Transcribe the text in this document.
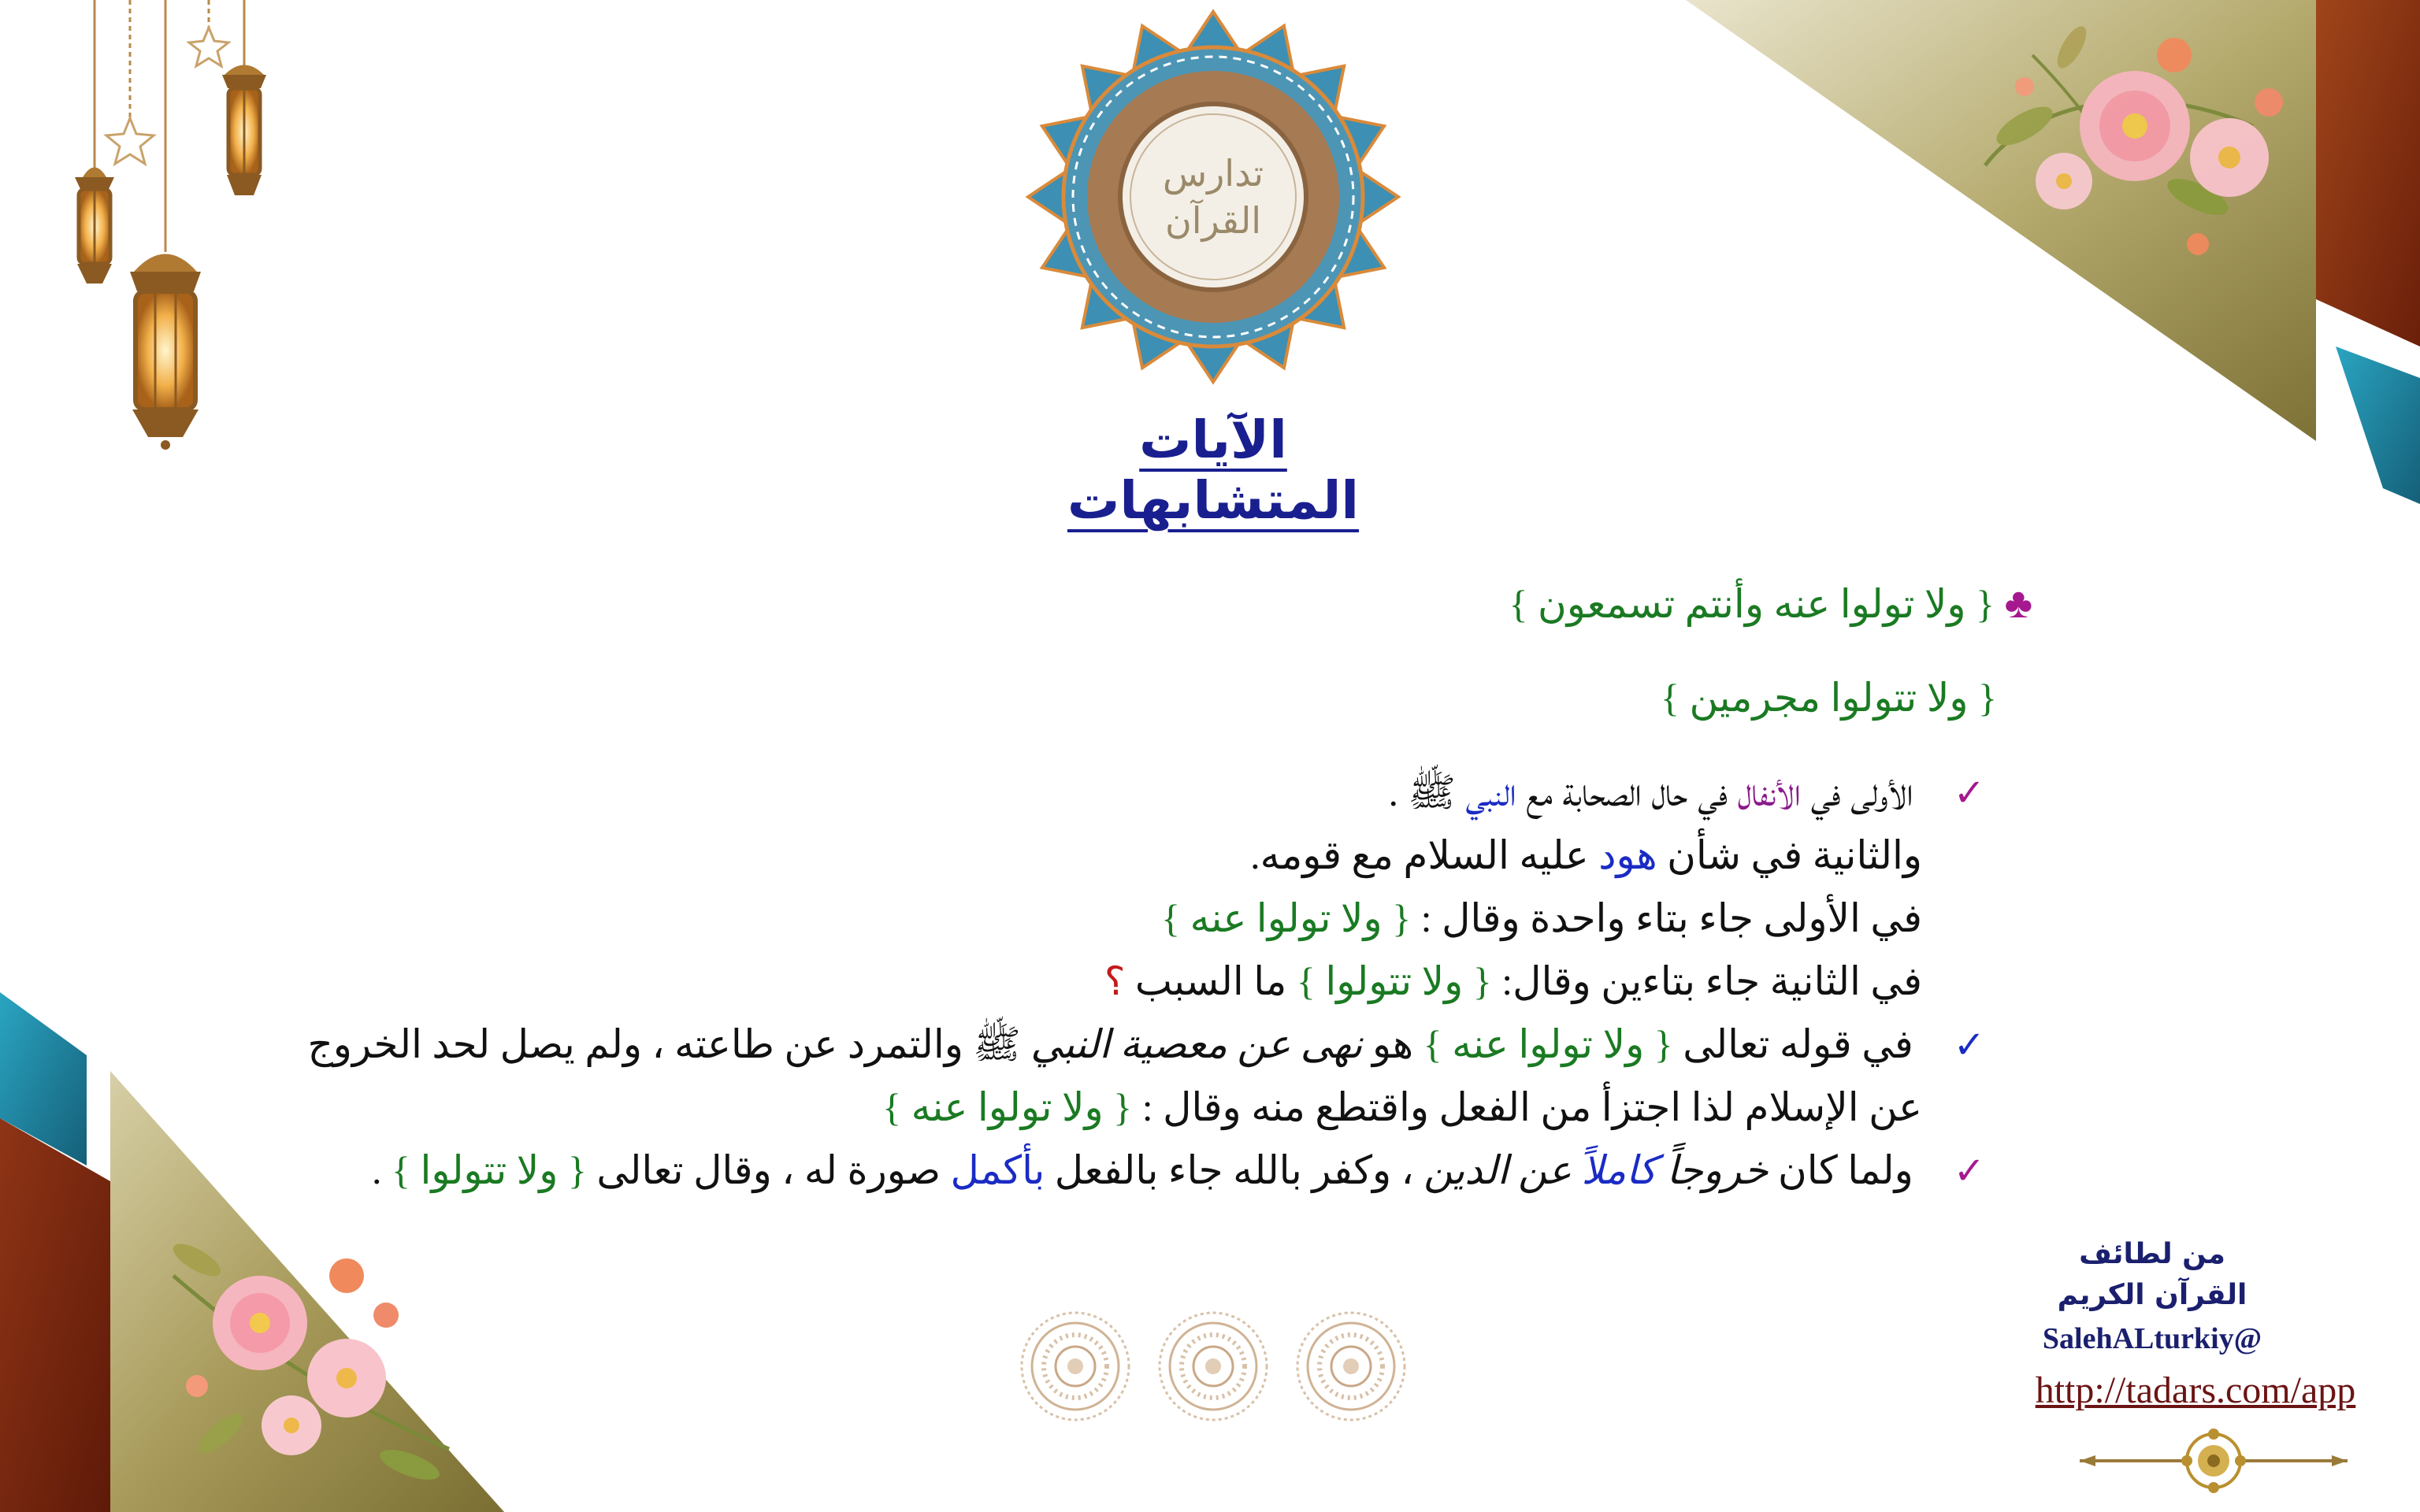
تدارس القرآن
الآيات المتشابهات
♣ { ولا تولوا عنه وأنتم تسمعون }
{ ولا تتولوا مجرمين }
✓  الأولى في الأنفال في حال الصحابة مع النبي ﷺ .
والثانية في شأن هود عليه السلام مع قومه.
في الأولى جاء بتاء واحدة وقال : { ولا تولوا عنه }
في الثانية جاء بتاءين وقال: { ولا تتولوا } ما السبب ؟
✓  في قوله تعالى { ولا تولوا عنه } هو نهى عن معصية النبي ﷺ والتمرد عن طاعته ، ولم يصل لحد الخروج
عن الإسلام لذا اجتزأ من الفعل واقتطع منه وقال : { ولا تولوا عنه }
✓  ولما كان خروجاً كاملاً عن الدين ، وكفر بالله جاء بالفعل بأكمل صورة له ، وقال تعالى { ولا تتولوا } .
من لطائف
القرآن الكريم
@SalehALturkiy
http://tadars.com/app
